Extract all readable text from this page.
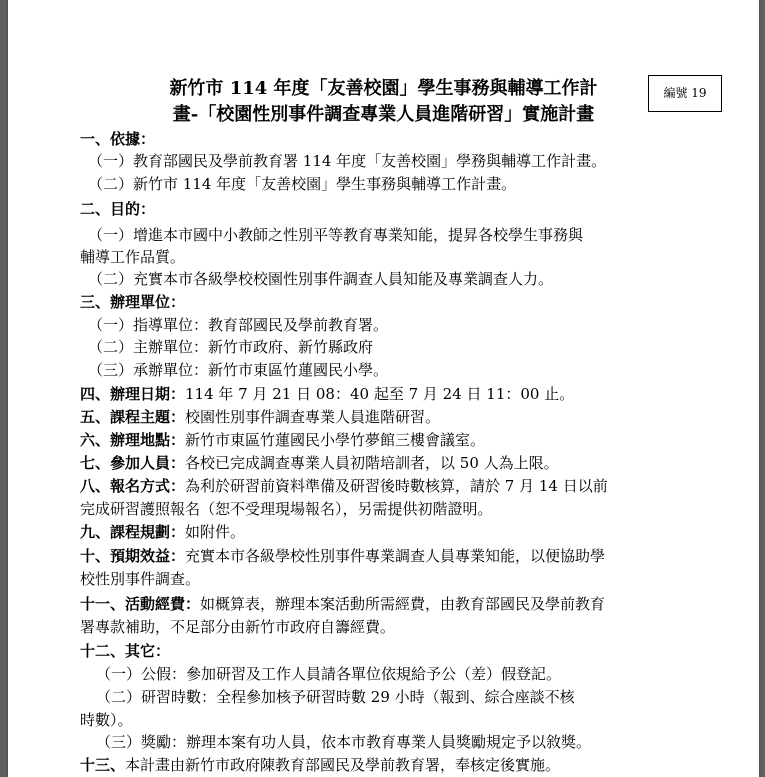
新竹市 114 年度「友善校園」學生事務與輔導工作計
畫-「校園性別事件調查專業人員進階研習」實施計畫
編號 19
一、依據：
（一）教育部國民及學前教育署 114 年度「友善校園」學務與輔導工作計畫。
（二）新竹市 114 年度「友善校園」學生事務與輔導工作計畫。
二、目的：
（一）增進本市國中小教師之性別平等教育專業知能，提昇各校學生事務與
輔導工作品質。
（二）充實本市各級學校校園性別事件調查人員知能及專業調查人力。
三、辦理單位：
（一）指導單位：教育部國民及學前教育署。
（二）主辦單位：新竹市政府、新竹縣政府
（三）承辦單位：新竹市東區竹蓮國民小學。
四、辦理日期：114 年 7 月 21 日 08：40 起至 7 月 24 日 11：00 止。
五、課程主題：校園性別事件調查專業人員進階研習。
六、辦理地點：新竹市東區竹蓮國民小學竹夢館三樓會議室。
七、參加人員：各校已完成調查專業人員初階培訓者，以 50 人為上限。
八、報名方式：為利於研習前資料準備及研習後時數核算，請於 7 月 14 日以前
完成研習護照報名（恕不受理現場報名），另需提供初階證明。
九、課程規劃：如附件。
十、預期效益：充實本市各級學校性別事件專業調查人員專業知能，以便協助學
校性別事件調查。
十一、活動經費：如概算表，辦理本案活動所需經費，由教育部國民及學前教育
署專款補助，不足部分由新竹市政府自籌經費。
十二、其它：
（一）公假：參加研習及工作人員請各單位依規給予公（差）假登記。
（二）研習時數：全程參加核予研習時數 29 小時（報到、綜合座談不核
時數）。
（三）獎勵：辦理本案有功人員，依本市教育專業人員獎勵規定予以敘獎。
十三、本計畫由新竹市政府陳教育部國民及學前教育署，奉核定後實施。
